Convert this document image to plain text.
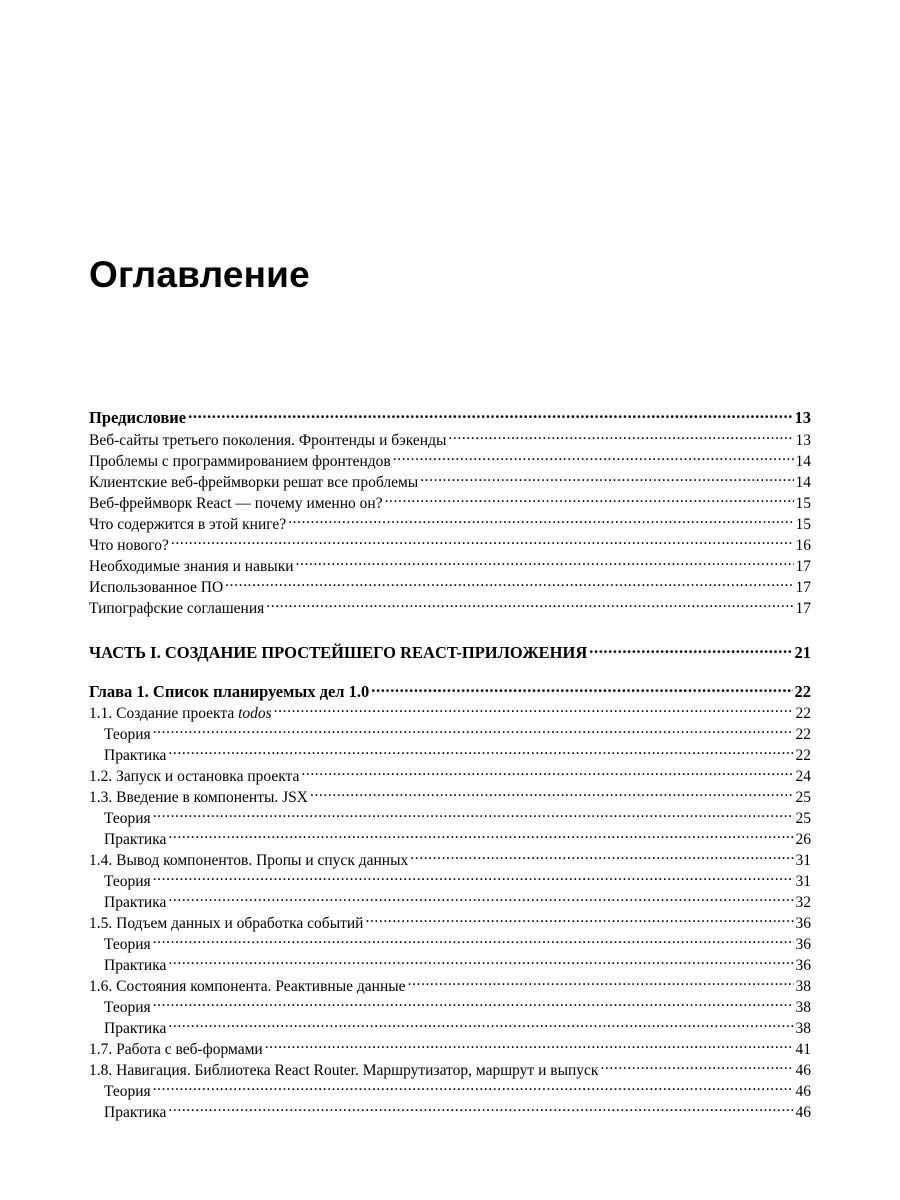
Оглавление
Предисловие .....	13
Веб-сайты третьего поколения. Фронтенды и бэкенды .....	13
Проблемы с программированием фронтендов .....	14
Клиентские веб-фреймворки решат все проблемы .....	14
Веб-фреймворк React — почему именно он? .....	15
Что содержится в этой книге? .....	15
Что нового? .....	16
Необходимые знания и навыки .....	17
Использованное ПО .....	17
Типографские соглашения .....	17
ЧАСТЬ I. СОЗДАНИЕ ПРОСТЕЙШЕГО REACT-ПРИЛОЖЕНИЯ .....	21
Глава 1. Список планируемых дел 1.0 .....	22
1.1. Создание проекта todos .....	22
Теория .....	22
Практика .....	22
1.2. Запуск и остановка проекта .....	24
1.3. Введение в компоненты. JSX .....	25
Теория .....	25
Практика .....	26
1.4. Вывод компонентов. Пропы и спуск данных .....	31
Теория .....	31
Практика .....	32
1.5. Подъем данных и обработка событий .....	36
Теория .....	36
Практика .....	36
1.6. Состояния компонента. Реактивные данные .....	38
Теория .....	38
Практика .....	38
1.7. Работа с веб-формами .....	41
1.8. Навигация. Библиотека React Router. Маршрутизатор, маршрут и выпуск .....	46
Теория .....	46
Практика .....	46
